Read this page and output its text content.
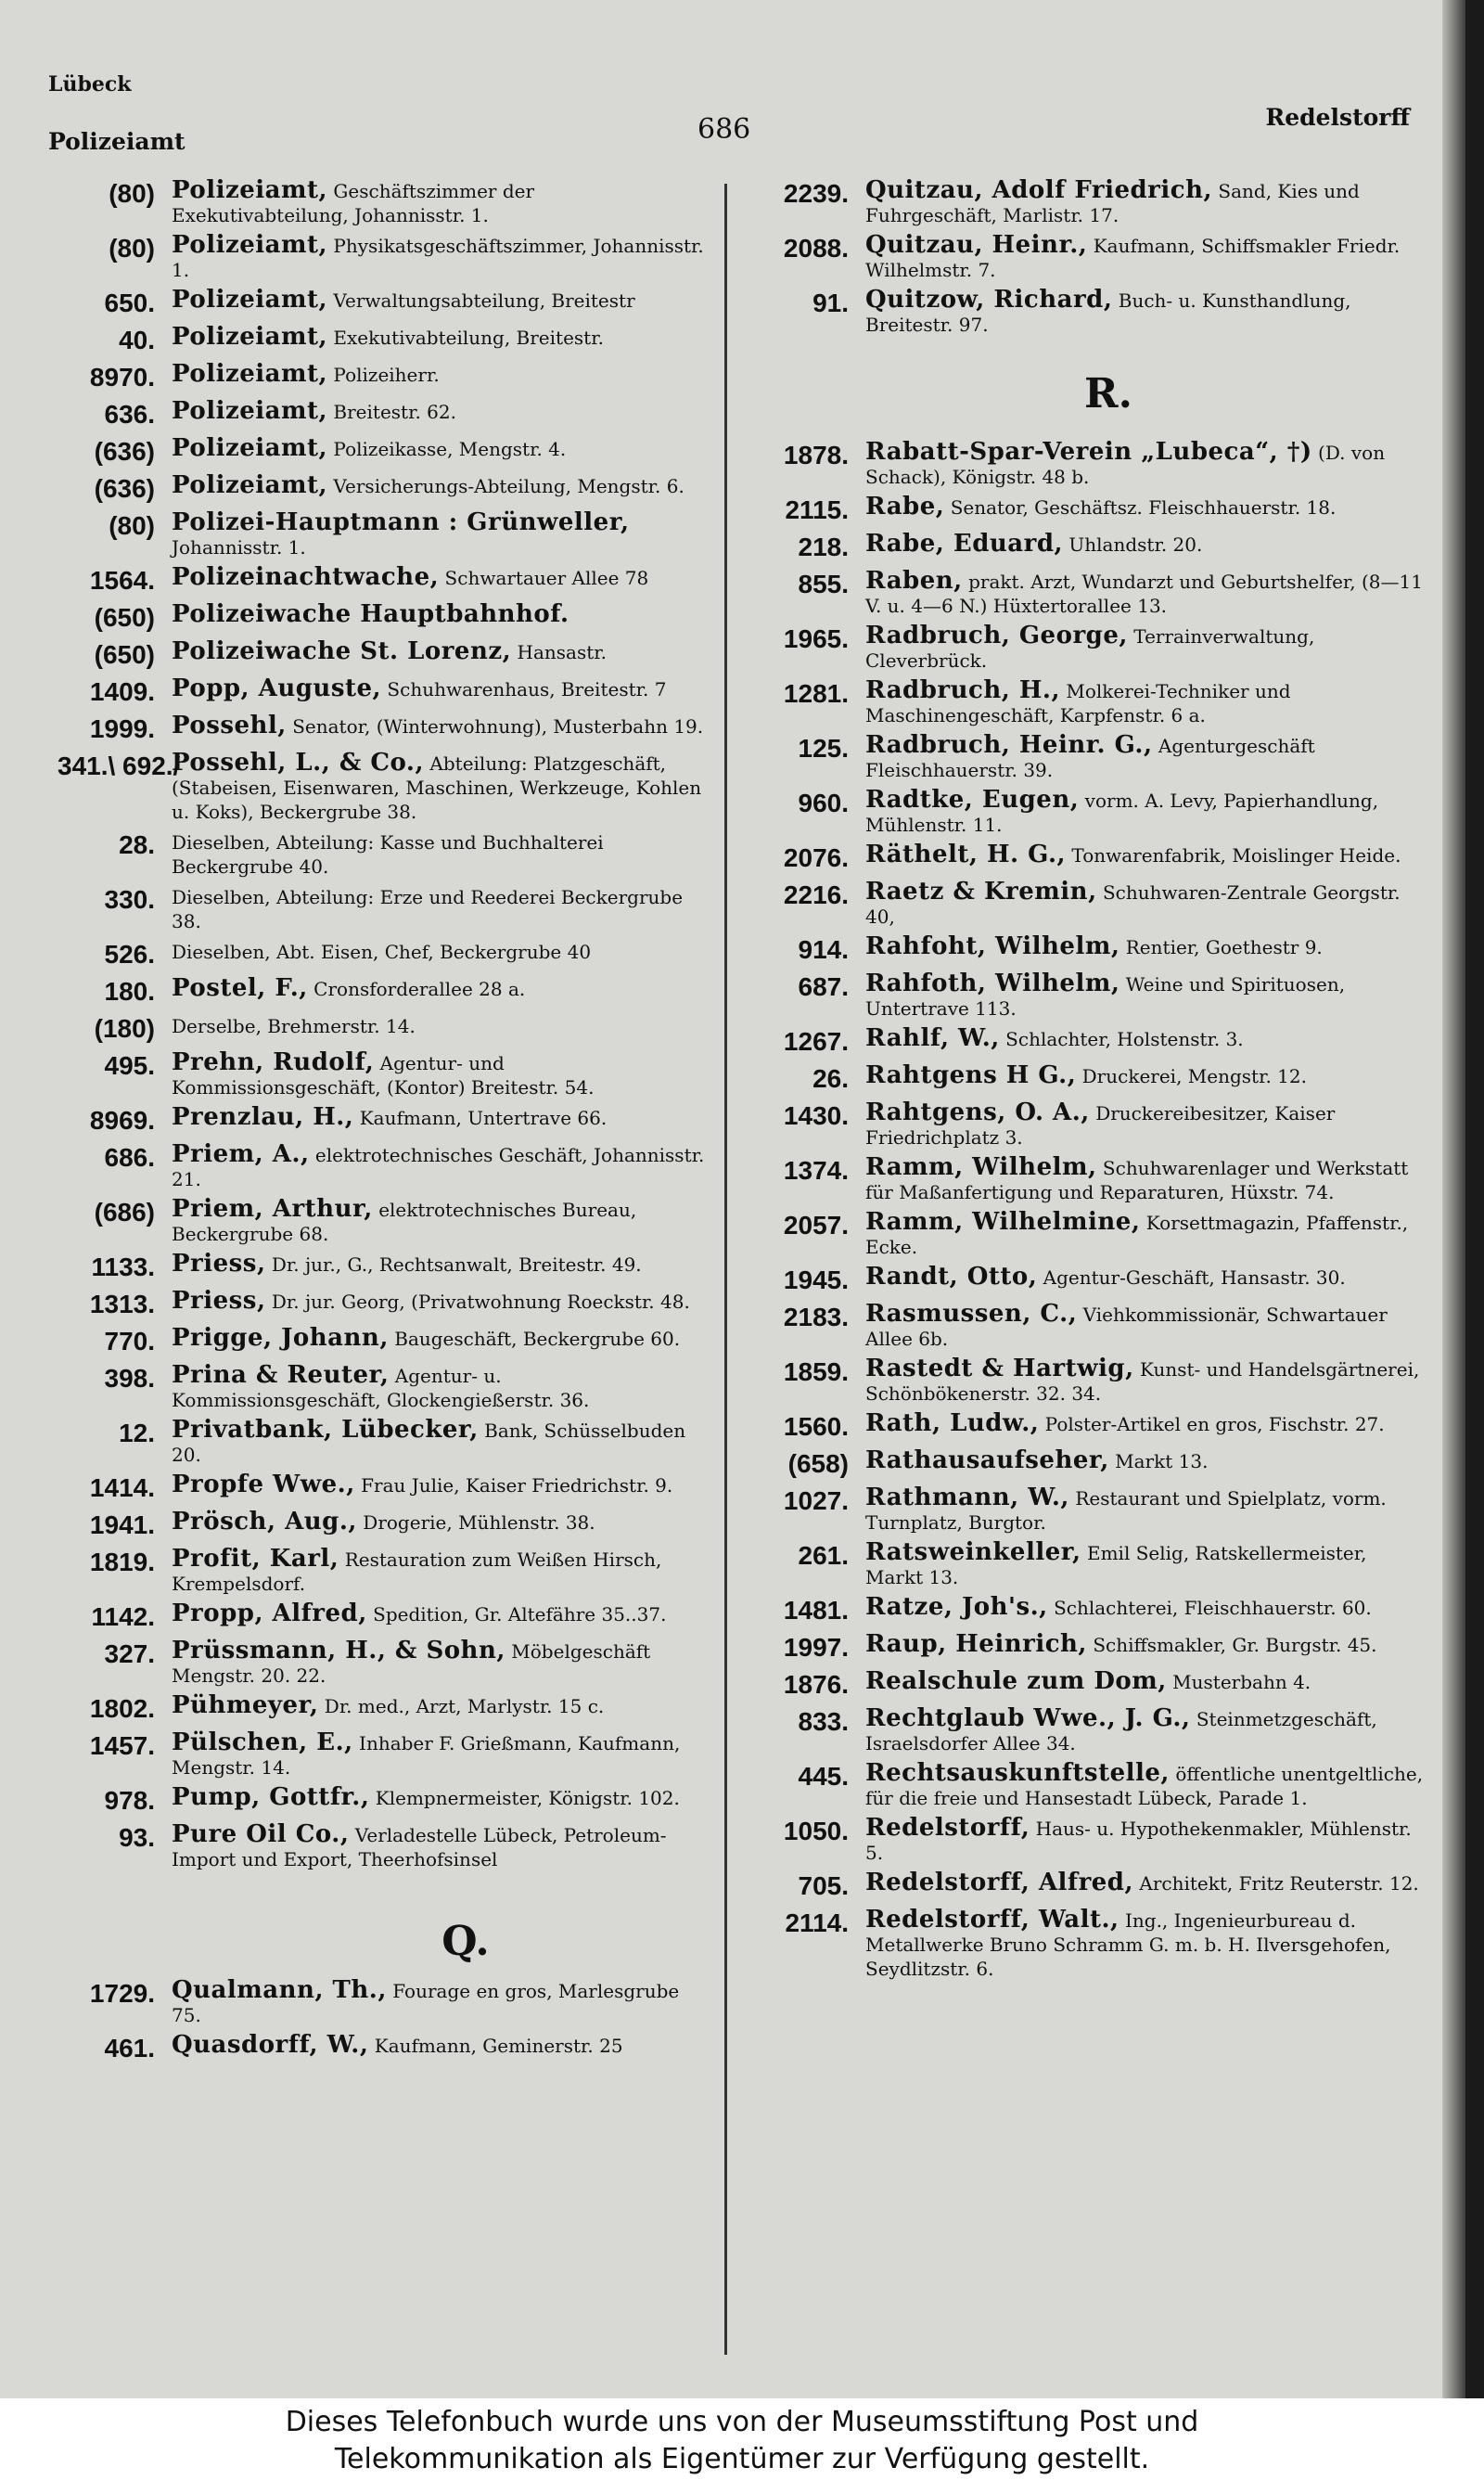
Lübeck
Polizeiamt	686	Redelstorff
(80) Polizeiamt, Geschäftszimmer der Exekutivabteilung, Johannisstr. 1.
(80) Polizeiamt, Physikatsgeschäftszimmer, Johannisstr. 1.
650. Polizeiamt, Verwaltungsabteilung, Breitestr
40. Polizeiamt, Exekutivabteilung, Breitestr.
8970. Polizeiamt, Polizeiherr.
636. Polizeiamt, Breitestr. 62.
(636) Polizeiamt, Polizeikasse, Mengstr. 4.
(636) Polizeiamt, Versicherungs-Abteilung, Mengstr. 6.
(80) Polizei-Hauptmann : Grünweller, Johannisstr. 1.
1564. Polizeinachtwache, Schwartauer Allee 78
(650) Polizeiwache Hauptbahnhof.
(650) Polizeiwache St. Lorenz, Hansastr.
1409. Popp, Auguste, Schuhwarenhaus, Breitestr. 7
1999. Possehl, Senator, (Winterwohnung), Musterbahn 19.
341.\ 692./
Possehl, L., & Co., Abteilung: Platzgeschäft, (Stabeisen, Eisenwaren, Maschinen, Werkzeuge, Kohlen u. Koks), Beckergrube 38.
28. Dieselben, Abteilung: Kasse und Buchhalterei Beckergrube 40.
330. Dieselben, Abteilung: Erze und Reederei Beckergrube 38.
526. Dieselben, Abt. Eisen, Chef, Beckergrube 40
180. Postel, F., Cronsforderallee 28 a.
(180) Derselbe, Brehmerstr. 14.
495. Prehn, Rudolf, Agentur- und Kommissionsgeschäft, (Kontor) Breitestr. 54.
8969. Prenzlau, H., Kaufmann, Untertrave 66.
686. Priem, A., elektrotechnisches Geschäft, Johannisstr. 21.
(686) Priem, Arthur, elektrotechnisches Bureau, Beckergrube 68.
1133. Priess, Dr. jur., G., Rechtsanwalt, Breitestr. 49.
1313. Priess, Dr. jur. Georg, (Privatwohnung Roeckstr. 48.
770. Prigge, Johann, Baugeschäft, Beckergrube 60.
398. Prina & Reuter, Agentur- u. Kommissionsgeschäft, Glockengießerstr. 36.
12. Privatbank, Lübecker, Bank, Schüsselbuden 20.
1414. Propfe Wwe., Frau Julie, Kaiser Friedrichstr. 9.
1941. Prösch, Aug., Drogerie, Mühlenstr. 38.
1819. Profit, Karl, Restauration zum Weißen Hirsch, Krempelsdorf.
1142. Propp, Alfred, Spedition, Gr. Altefähre 35..37.
327. Prüssmann, H., & Sohn, Möbelgeschäft Mengstr. 20. 22.
1802. Pühmeyer, Dr. med., Arzt, Marlystr. 15 c.
1457. Pülschen, E., Inhaber F. Grießmann, Kaufmann, Mengstr. 14.
978. Pump, Gottfr., Klempnermeister, Königstr. 102.
93. Pure Oil Co., Verladestelle Lübeck, Petroleum-Import und Export, Theerhofsinsel
Q.
1729. Qualmann, Th., Fourage en gros, Marlesgrube 75.
461. Quasdorff, W., Kaufmann, Geminerstr. 25
2239. Quitzau, Adolf Friedrich, Sand, Kies und Fuhrgeschäft, Marlistr. 17.
2088. Quitzau, Heinr., Kaufmann, Schiffsmakler Friedr. Wilhelmstr. 7.
91. Quitzow, Richard, Buch- u. Kunsthandlung, Breitestr. 97.
R.
1878. Rabatt-Spar-Verein „Lubeca“, †) (D. von Schack), Königstr. 48 b.
2115. Rabe, Senator, Geschäftsz. Fleischhauerstr. 18.
218. Rabe, Eduard, Uhlandstr. 20.
855. Raben, prakt. Arzt, Wundarzt und Geburtshelfer, (8—11 V. u. 4—6 N.) Hüxtertorallee 13.
1965. Radbruch, George, Terrainverwaltung, Cleverbrück.
1281. Radbruch, H., Molkerei-Techniker und Maschinengeschäft, Karpfenstr. 6 a.
125. Radbruch, Heinr. G., Agenturgeschäft Fleischhauerstr. 39.
960. Radtke, Eugen, vorm. A. Levy, Papierhandlung, Mühlenstr. 11.
2076. Räthelt, H. G., Tonwarenfabrik, Moislinger Heide.
2216. Raetz & Kremin, Schuhwaren-Zentrale Georgstr. 40,
914. Rahfoht, Wilhelm, Rentier, Goethestr 9.
687. Rahfoth, Wilhelm, Weine und Spirituosen, Untertrave 113.
1267. Rahlf, W., Schlachter, Holstenstr. 3.
26. Rahtgens H G., Druckerei, Mengstr. 12.
1430. Rahtgens, O. A., Druckereibesitzer, Kaiser Friedrichplatz 3.
1374. Ramm, Wilhelm, Schuhwarenlager und Werkstatt für Maßanfertigung und Reparaturen, Hüxstr. 74.
2057. Ramm, Wilhelmine, Korsettmagazin, Pfaffenstr., Ecke.
1945. Randt, Otto, Agentur-Geschäft, Hansastr. 30.
2183. Rasmussen, C., Viehkommissionär, Schwartauer Allee 6b.
1859. Rastedt & Hartwig, Kunst- und Handelsgärtnerei, Schönbökenerstr. 32. 34.
1560. Rath, Ludw., Polster-Artikel en gros, Fischstr. 27.
(658) Rathausaufseher, Markt 13.
1027. Rathmann, W., Restaurant und Spielplatz, vorm. Turnplatz, Burgtor.
261. Ratsweinkeller, Emil Selig, Ratskellermeister, Markt 13.
1481. Ratze, Joh's., Schlachterei, Fleischhauerstr. 60.
1997. Raup, Heinrich, Schiffsmakler, Gr. Burgstr. 45.
1876. Realschule zum Dom, Musterbahn 4.
833. Rechtglaub Wwe., J. G., Steinmetzgeschäft, Israelsdorfer Allee 34.
445. Rechtsauskunftstelle, öffentliche unentgeltliche, für die freie und Hansestadt Lübeck, Parade 1.
1050. Redelstorff, Haus- u. Hypothekenmakler, Mühlenstr. 5.
705. Redelstorff, Alfred, Architekt, Fritz Reuterstr. 12.
2114. Redelstorff, Walt., Ing., Ingenieurbureau d. Metallwerke Bruno Schramm G. m. b. H. Ilversgehofen, Seydlitzstr. 6.
Dieses Telefonbuch wurde uns von der Museumsstiftung Post und
Telekommunikation als Eigentümer zur Verfügung gestellt.
